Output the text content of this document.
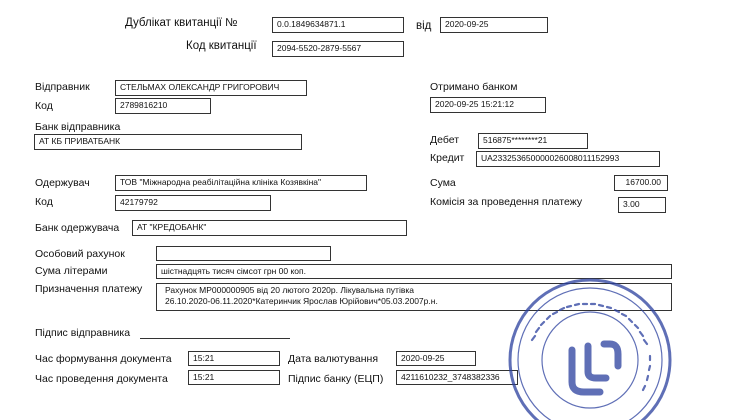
Дублікат квитанції №	0.0.1849634871.1	від	2020-09-25
Код квитанції	2094-5520-2879-5567
Відправник	СТЕЛЬМАХ ОЛЕКСАНДР ГРИГОРОВИЧ	Отримано банком
2020-09-25 15:21:12
Код	2789816210
Банк відправника
АТ КБ ПРИВАТБАНК	Дебет	516875********21
Кредит	UA233253650000026008011152993
Одержувач	ТОВ "Міжнародна реабілітаційна клініка Козявкіна"	Сума	16700.00
Код	42179792	Комісія за проведення платежу	3.00
Банк одержувача	АТ "КРЕДОБАНК"
Особовий рахунок
Сума літерами	шістнадцять тисяч сімсот грн 00 коп.
Призначення платежу	Рахунок МР000000905 від 20 лютого 2020р. Лікувальна путівка
26.10.2020-06.11.2020*Катеринчик Ярослав Юрійович*05.03.2007р.н.
Підпис відправника
Час формування документа	15:21	Дата валютування	2020-09-25
Час проведення документа	15:21	Підпис банку (ЕЦП)	4211610232_3748382336
